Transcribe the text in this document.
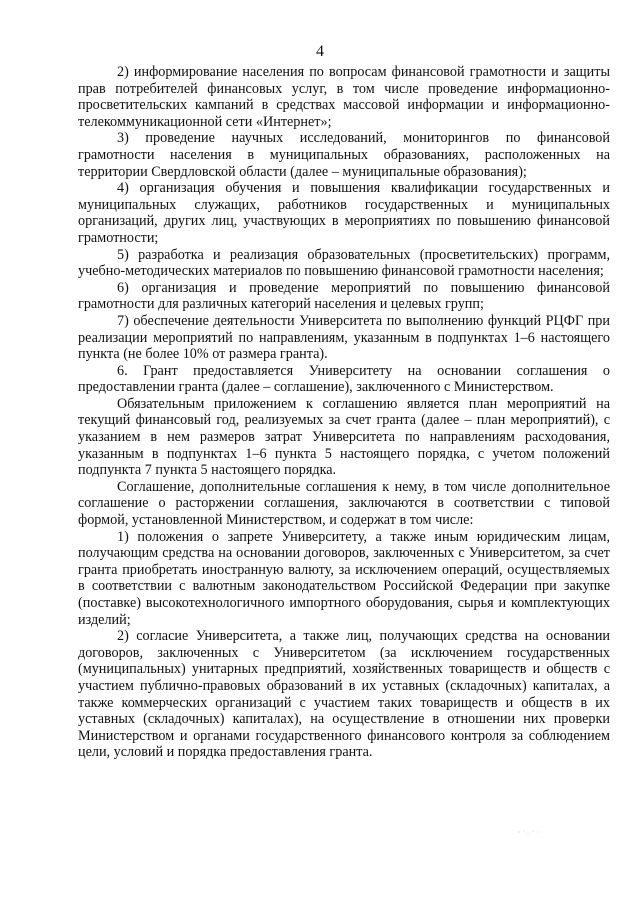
4

2) информирование населения по вопросам финансовой грамотности и защиты прав потребителей финансовых услуг, в том числе проведение информационно-просветительских кампаний в средствах массовой информации и информационно-телекоммуникационной сети «Интернет»;

3) проведение научных исследований, мониторингов по финансовой грамотности населения в муниципальных образованиях, расположенных на территории Свердловской области (далее – муниципальные образования);

4) организация обучения и повышения квалификации государственных и муниципальных служащих, работников государственных и муниципальных организаций, других лиц, участвующих в мероприятиях по повышению финансовой грамотности;

5) разработка и реализация образовательных (просветительских) программ, учебно-методических материалов по повышению финансовой грамотности населения;

6) организация и проведение мероприятий по повышению финансовой грамотности для различных категорий населения и целевых групп;

7) обеспечение деятельности Университета по выполнению функций РЦФГ при реализации мероприятий по направлениям, указанным в подпунктах 1–6 настоящего пункта (не более 10% от размера гранта).

6. Грант предоставляется Университету на основании соглашения о предоставлении гранта (далее – соглашение), заключенного с Министерством.

Обязательным приложением к соглашению является план мероприятий на текущий финансовый год, реализуемых за счет гранта (далее – план мероприятий), с указанием в нем размеров затрат Университета по направлениям расходования, указанным в подпунктах 1–6 пункта 5 настоящего порядка, с учетом положений подпункта 7 пункта 5 настоящего порядка.

Соглашение, дополнительные соглашения к нему, в том числе дополнительное соглашение о расторжении соглашения, заключаются в соответствии с типовой формой, установленной Министерством, и содержат в том числе:

1) положения о запрете Университету, а также иным юридическим лицам, получающим средства на основании договоров, заключенных с Университетом, за счет гранта приобретать иностранную валюту, за исключением операций, осуществляемых в соответствии с валютным законодательством Российской Федерации при закупке (поставке) высокотехнологичного импортного оборудования, сырья и комплектующих изделий;

2) согласие Университета, а также лиц, получающих средства на основании договоров, заключенных с Университетом (за исключением государственных (муниципальных) унитарных предприятий, хозяйственных товариществ и обществ с участием публично-правовых образований в их уставных (складочных) капиталах, а также коммерческих организаций с участием таких товариществ и обществ в их уставных (складочных) капиталах), на осуществление в отношении них проверки Министерством и органами государственного финансового контроля за соблюдением цели, условий и порядка предоставления гранта.
